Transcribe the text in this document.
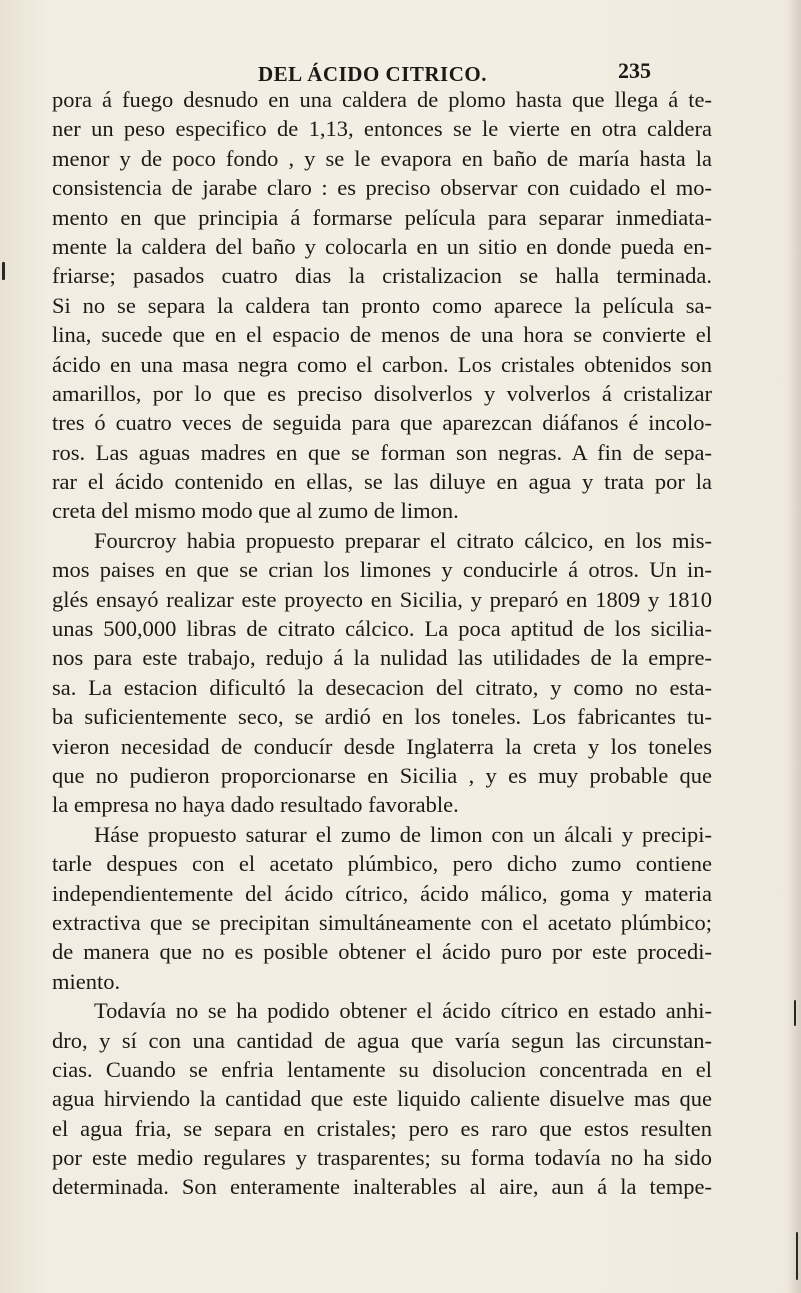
DEL ÁCIDO CITRICO.	235
pora á fuego desnudo en una caldera de plomo hasta que llega á te-
ner un peso especifico de 1,13, entonces se le vierte en otra caldera
menor y de poco fondo , y se le evapora en baño de maría hasta la
consistencia de jarabe claro : es preciso observar con cuidado el mo-
mento en que principia á formarse película para separar inmediata-
mente la caldera del baño y colocarla en un sitio en donde pueda en-
friarse; pasados cuatro dias la cristalizacion se halla terminada.
Si no se separa la caldera tan pronto como aparece la película sa-
lina, sucede que en el espacio de menos de una hora se convierte el
ácido en una masa negra como el carbon. Los cristales obtenidos son
amarillos, por lo que es preciso disolverlos y volverlos á cristalizar
tres ó cuatro veces de seguida para que aparezcan diáfanos é incolo-
ros. Las aguas madres en que se forman son negras. A fin de sepa-
rar el ácido contenido en ellas, se las diluye en agua y trata por la
creta del mismo modo que al zumo de limon.
Fourcroy habia propuesto preparar el citrato cálcico, en los mis-
mos paises en que se crian los limones y conducirle á otros. Un in-
glés ensayó realizar este proyecto en Sicilia, y preparó en 1809 y 1810
unas 500,000 libras de citrato cálcico. La poca aptitud de los sicilia-
nos para este trabajo, redujo á la nulidad las utilidades de la empre-
sa. La estacion dificultó la desecacion del citrato, y como no esta-
ba suficientemente seco, se ardió en los toneles. Los fabricantes tu-
vieron necesidad de conducír desde Inglaterra la creta y los toneles
que no pudieron proporcionarse en Sicilia , y es muy probable que
la empresa no haya dado resultado favorable.
Háse propuesto saturar el zumo de limon con un álcali y precipi-
tarle despues con el acetato plúmbico, pero dicho zumo contiene
independientemente del ácido cítrico, ácido málico, goma y materia
extractiva que se precipitan simultáneamente con el acetato plúmbico;
de manera que no es posible obtener el ácido puro por este procedi-
miento.
Todavía no se ha podido obtener el ácido cítrico en estado anhi-
dro, y sí con una cantidad de agua que varía segun las circunstan-
cias. Cuando se enfria lentamente su disolucion concentrada en el
agua hirviendo la cantidad que este liquido caliente disuelve mas que
el agua fria, se separa en cristales; pero es raro que estos resulten
por este medio regulares y trasparentes; su forma todavía no ha sido
determinada. Son enteramente inalterables al aire, aun á la tempe-
